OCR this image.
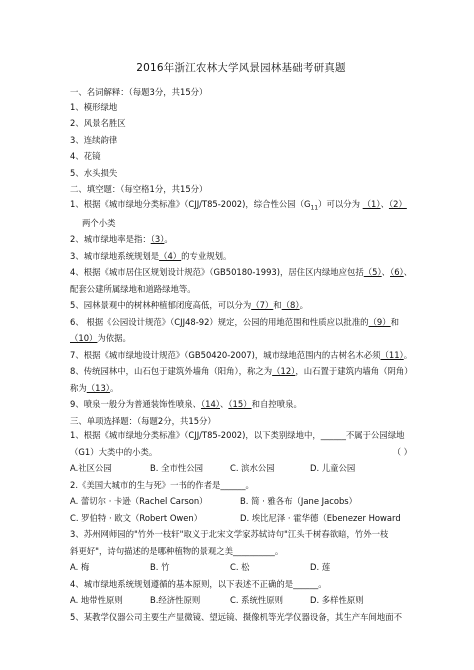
2016年浙江农林大学风景园林基础考研真题
一、名词解释：（每题3分，共15分）
1、模形绿地
2、风景名胜区
3、连续韵律
4、花镜
5、水头损失
二、填空题：（每空格1分，共15分）
1、根据《城市绿地分类标准》（CJJ/T85-2002)，综合性公园$(G_{11})$可以分为 （1）、（2）
两个小类
2、城市绿地率是指：（3）。
3、城市绿地系统规划是（4）的专业规划。
4、根据《城市居住区规划设计规范》（GB50180-1993)，居住区内绿地应包括（5）、（6）、
配套公建所属绿地和道路绿地等。
5、园林景观中的树林种植郁闭度高低，可以分为（7）和（8）。
6、 根据《公园设计规范》（CJJ48-92）规定，公园的用地范围和性质应以批准的（9）和
（10）为依据。
7、根据《城市绿地设计规范》（GB50420-2007)，城市绿地范围内的古树名木必须（11）。
8、传统园林中，山石包于建筑外墙角（阳角），称之为（12），山石置于建筑内墙角（阴角）
称为（13）。
9、喷泉一般分为普通装饰性喷泉、（14）、（15）和自控喷泉。
三、单项选择题：（每题2分，共15分）
1、根据《城市绿地分类标准》（CJJ/T85-2002)，以下类别绿地中，______不属于公园绿地
（G1）大类中的小类。	（ ）
A.社区公园	B. 全市性公园	C. 滨水公园	D. 儿童公园
2.《美国大城市的生与死》一书的作者是______。
A. 蕾切尔 · 卡逊（Rachel Carson）	B. 简 · 雅各布（Jane Jacobs）
C. 罗伯特 · 欧文（Robert Owen）	D. 埃比尼泽 · 霍华德（Ebenezer Howard
3、苏州网师园的"竹外一枝轩"取义于北宋文学家苏轼诗句"江头千树春欲暗，竹外一枝
斜更好"，诗句描述的是哪种植物的景观之美__________。
A. 梅	B. 竹	C. 松	D. 莲
4、城市绿地系统规划遵循的基本原则，以下表述不正确的是______。
A. 地带性原则	B.经济性原则	C. 系统性原则	D. 多样性原则
5、某教学仪器公司主要生产显微镜、望远镜、摄像机等光学仪器设备，其生产车间地面不
